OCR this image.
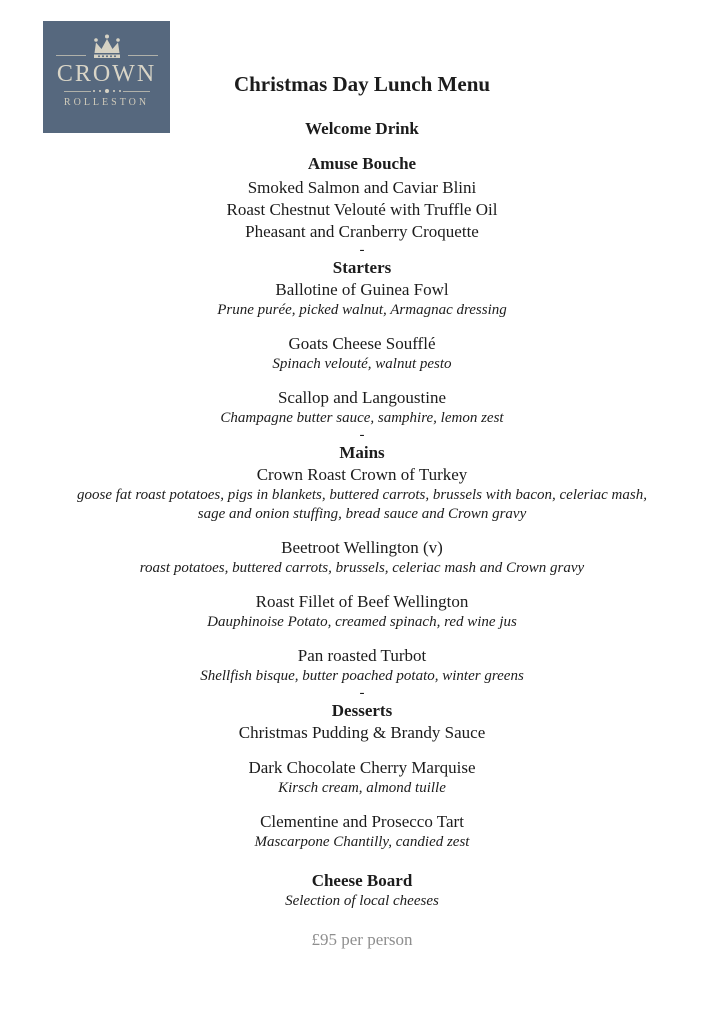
CROWN
ROLLESTON
Christmas Day Lunch Menu
Welcome Drink
Amuse Bouche
Smoked Salmon and Caviar Blini
Roast Chestnut Velouté with Truffle Oil
Pheasant and Cranberry Croquette
-
Starters
Ballotine of Guinea Fowl
Prune purée, picked walnut, Armagnac dressing
Goats Cheese Soufflé
Spinach velouté, walnut pesto
Scallop and Langoustine
Champagne butter sauce, samphire, lemon zest
-
Mains
Crown Roast Crown of Turkey
goose fat roast potatoes, pigs in blankets, buttered carrots, brussels with bacon, celeriac mash, sage and onion stuffing, bread sauce and Crown gravy
Beetroot Wellington (v)
roast potatoes, buttered carrots, brussels, celeriac mash and Crown gravy
Roast Fillet of Beef Wellington
Dauphinoise Potato, creamed spinach, red wine jus
Pan roasted Turbot
Shellfish bisque, butter poached potato, winter greens
-
Desserts
Christmas Pudding & Brandy Sauce
Dark Chocolate Cherry Marquise
Kirsch cream, almond tuille
Clementine and Prosecco Tart
Mascarpone Chantilly, candied zest
Cheese Board
Selection of local cheeses
£95 per person
